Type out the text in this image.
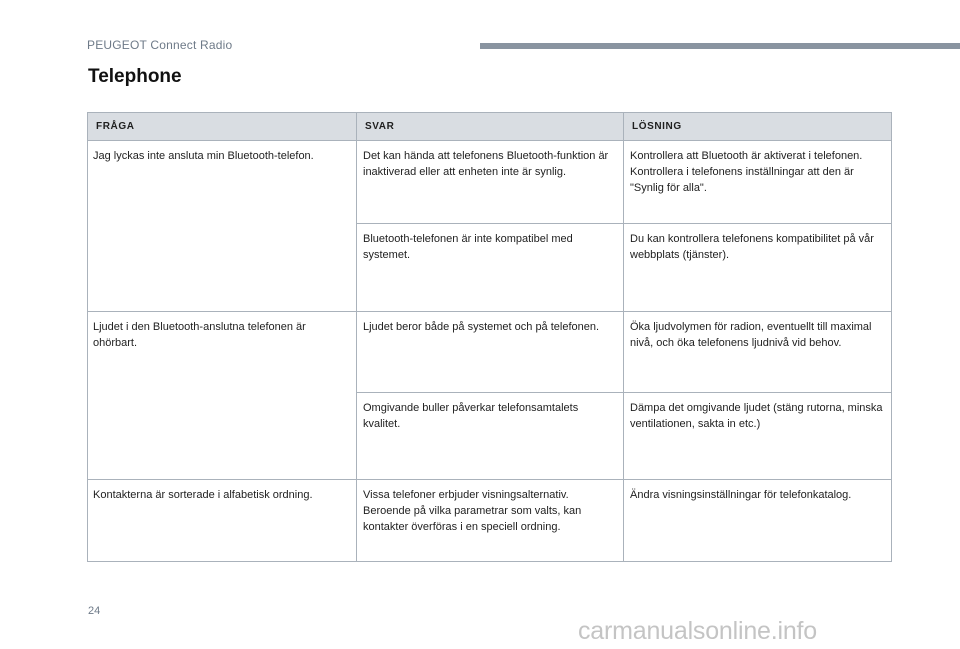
PEUGEOT Connect Radio
Telephone
FRÅGA	SVAR	LÖSNING
Jag lyckas inte ansluta min Bluetooth-telefon.	Det kan hända att telefonens Bluetooth-funktion är inaktiverad eller att enheten inte är synlig.	Kontrollera att Bluetooth är aktiverat i telefonen. Kontrollera i telefonens inställningar att den är "Synlig för alla".
	Bluetooth-telefonen är inte kompatibel med systemet.	Du kan kontrollera telefonens kompatibilitet på vår webbplats (tjänster).
Ljudet i den Bluetooth-anslutna telefonen är ohörbart.	Ljudet beror både på systemet och på telefonen.	Öka ljudvolymen för radion, eventuellt till maximal nivå, och öka telefonens ljudnivå vid behov.
	Omgivande buller påverkar telefonsamtalets kvalitet.	Dämpa det omgivande ljudet (stäng rutorna, minska ventilationen, sakta in etc.)
Kontakterna är sorterade i alfabetisk ordning.	Vissa telefoner erbjuder visningsalternativ. Beroende på vilka parametrar som valts, kan kontakter överföras i en speciell ordning.	Ändra visningsinställningar för telefonkatalog.
24
carmanualsonline.info
